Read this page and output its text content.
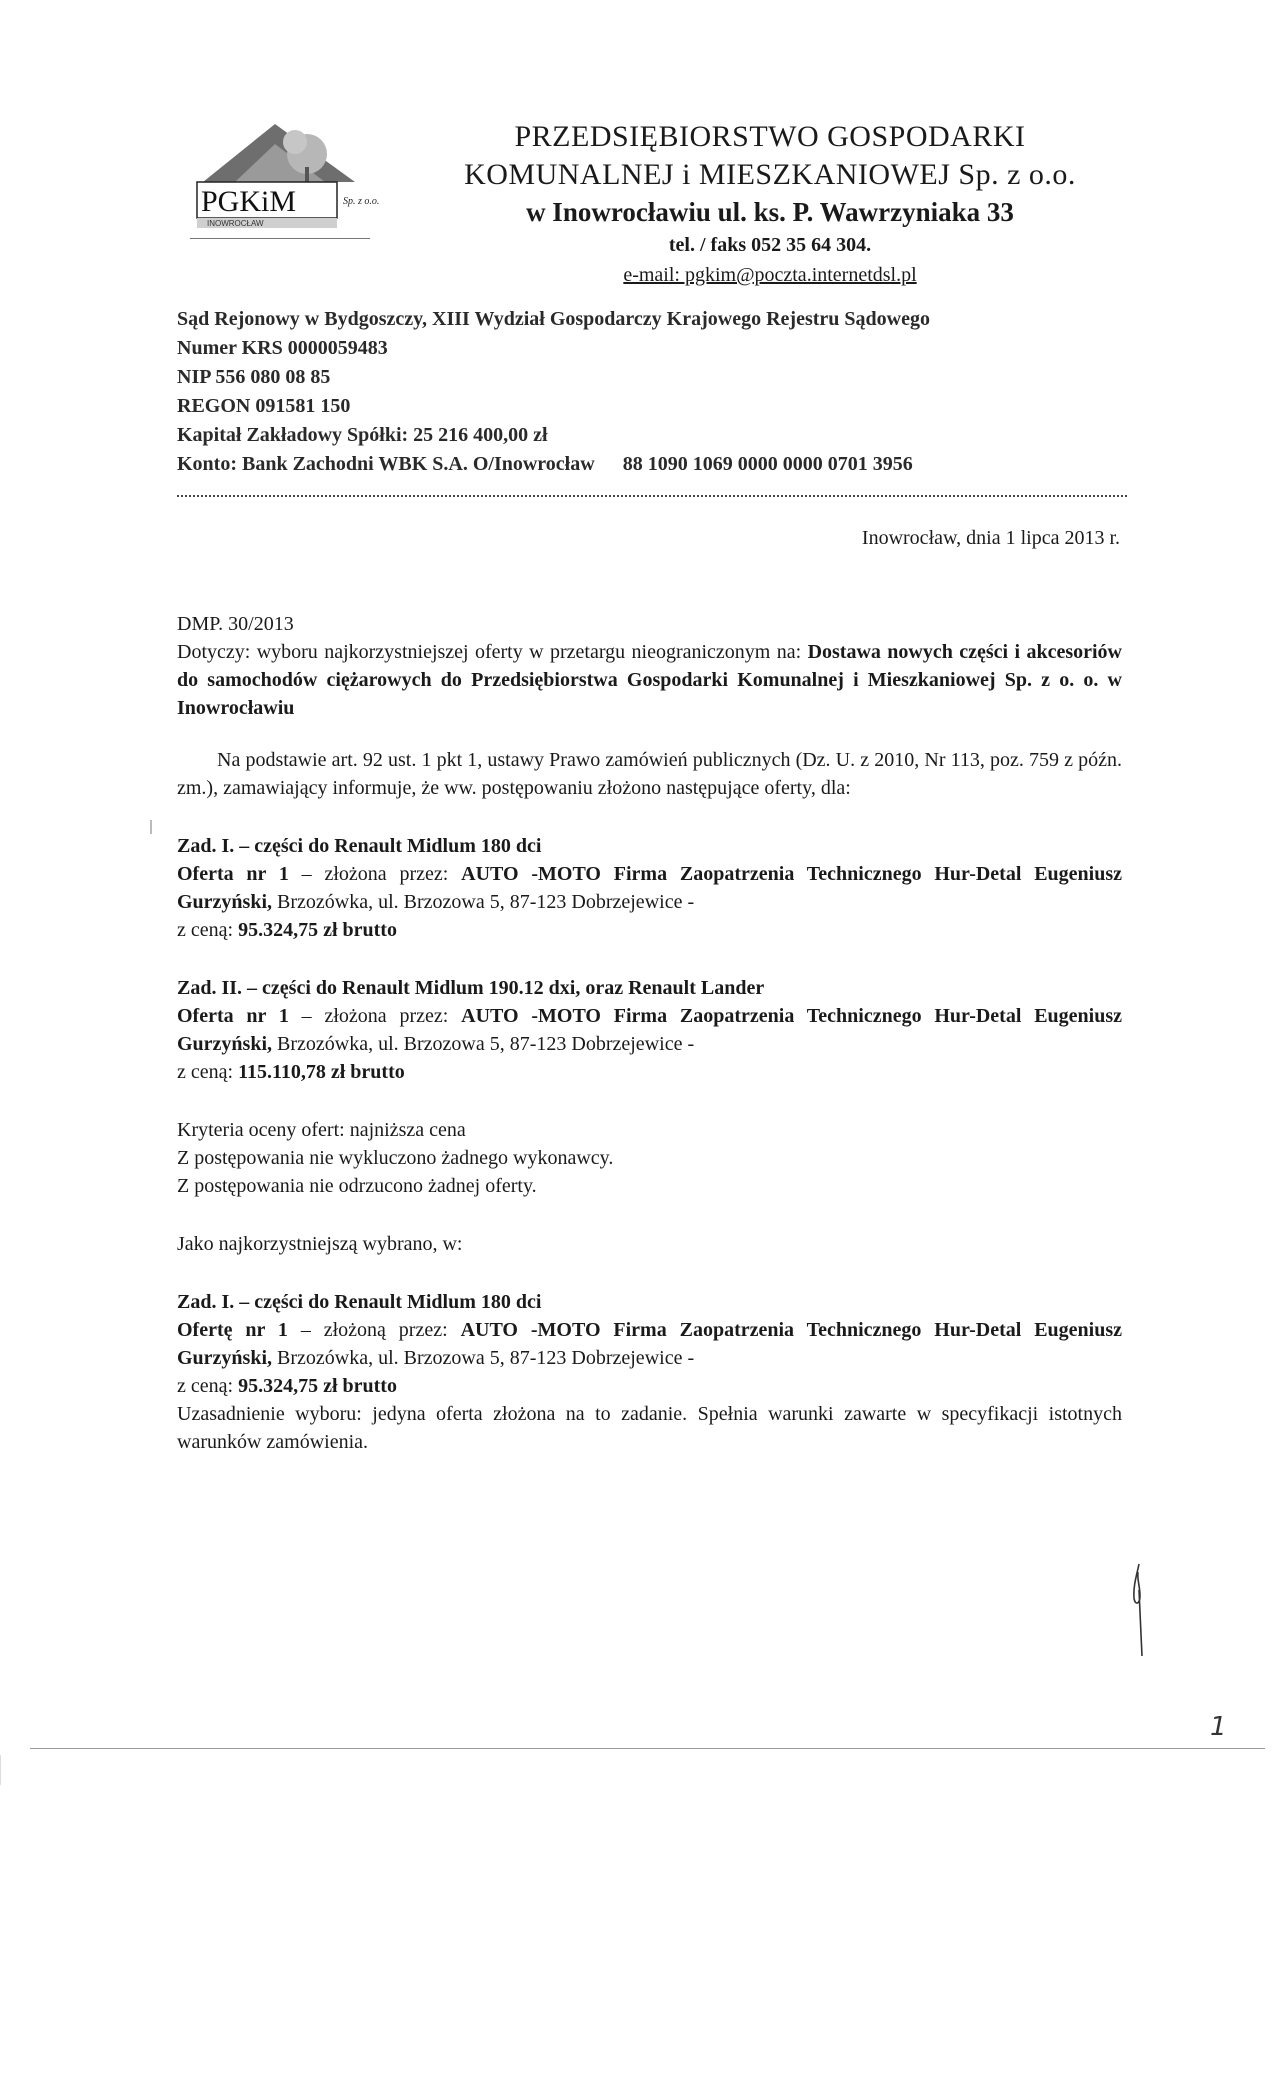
PGKiM	Sp. z o.o.
INOWROCŁAW
PRZEDSIĘBIORSTWO GOSPODARKI
KOMUNALNEJ i MIESZKANIOWEJ Sp. z o.o.
w Inowrocławiu ul. ks. P. Wawrzyniaka 33
tel. / faks 052 35 64 304.
e-mail: pgkim@poczta.internetdsl.pl
Sąd Rejonowy w Bydgoszczy, XIII Wydział Gospodarczy Krajowego Rejestru Sądowego
Numer KRS 0000059483
NIP 556 080 08 85
REGON 091581 150
Kapitał Zakładowy Spółki: 25 216 400,00 zł
Konto: Bank Zachodni WBK S.A. O/Inowrocław 88 1090 1069 0000 0000 0701 3956
Inowrocław, dnia 1 lipca 2013 r.

DMP. 30/2013

Dotyczy: wyboru najkorzystniejszej oferty w przetargu nieograniczonym na: Dostawa nowych części i akcesoriów do samochodów ciężarowych do Przedsiębiorstwa Gospodarki Komunalnej i Mieszkaniowej Sp. z o. o. w Inowrocławiu

Na podstawie art. 92 ust. 1 pkt 1, ustawy Prawo zamówień publicznych (Dz. U. z 2010, Nr 113, poz. 759 z późn. zm.), zamawiający informuje, że ww. postępowaniu złożono następujące oferty, dla:

Zad. I. – części do Renault Midlum 180 dci

Oferta nr 1 – złożona przez: AUTO -MOTO Firma Zaopatrzenia Technicznego Hur-Detal Eugeniusz Gurzyński, Brzozówka, ul. Brzozowa 5, 87-123 Dobrzejewice -

z ceną: 95.324,75 zł brutto

Zad. II. – części do Renault Midlum 190.12 dxi, oraz Renault Lander

Oferta nr 1 – złożona przez: AUTO -MOTO Firma Zaopatrzenia Technicznego Hur-Detal Eugeniusz Gurzyński, Brzozówka, ul. Brzozowa 5, 87-123 Dobrzejewice -

z ceną: 115.110,78 zł brutto

Kryteria oceny ofert: najniższa cena

Z postępowania nie wykluczono żadnego wykonawcy.

Z postępowania nie odrzucono żadnej oferty.

Jako najkorzystniejszą wybrano, w:

Zad. I. – części do Renault Midlum 180 dci

Ofertę nr 1 – złożoną przez: AUTO -MOTO Firma Zaopatrzenia Technicznego Hur-Detal Eugeniusz Gurzyński, Brzozówka, ul. Brzozowa 5, 87-123 Dobrzejewice -

z ceną: 95.324,75 zł brutto

Uzasadnienie wyboru: jedyna oferta złożona na to zadanie. Spełnia warunki zawarte w specyfikacji istotnych warunków zamówienia.

1
